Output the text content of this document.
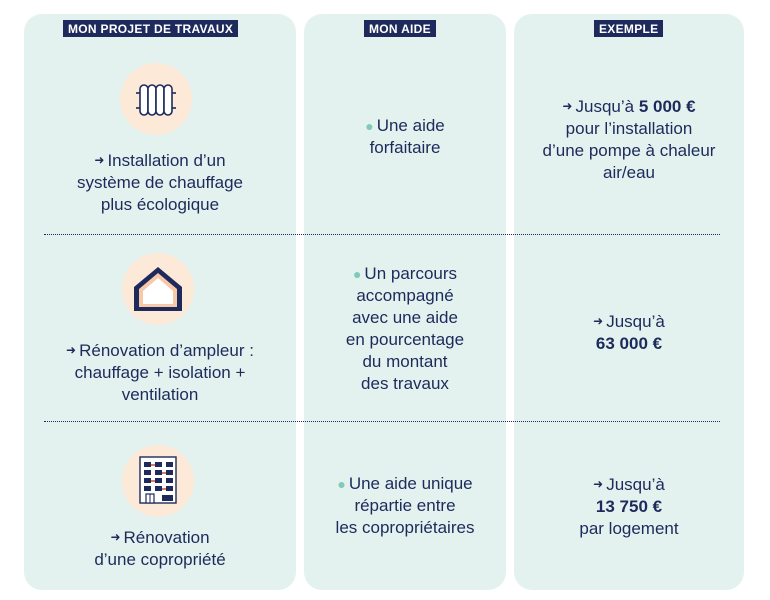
MON PROJET DE TRAVAUX	MON AIDE	EXEMPLE
➜ Installation d’un
système de chauffage
plus écologique
● Une aide
forfaitaire
➜ Jusqu’à 5 000 €
pour l’installation
d’une pompe à chaleur
air/eau
➜ Rénovation d’ampleur :
chauffage + isolation +
ventilation
● Un parcours
accompagné
avec une aide
en pourcentage
du montant
des travaux
➜ Jusqu’à
63 000 €
➜ Rénovation
d’une copropriété
● Une aide unique
répartie entre
les copropriétaires
➜ Jusqu’à
13 750 €
par logement
